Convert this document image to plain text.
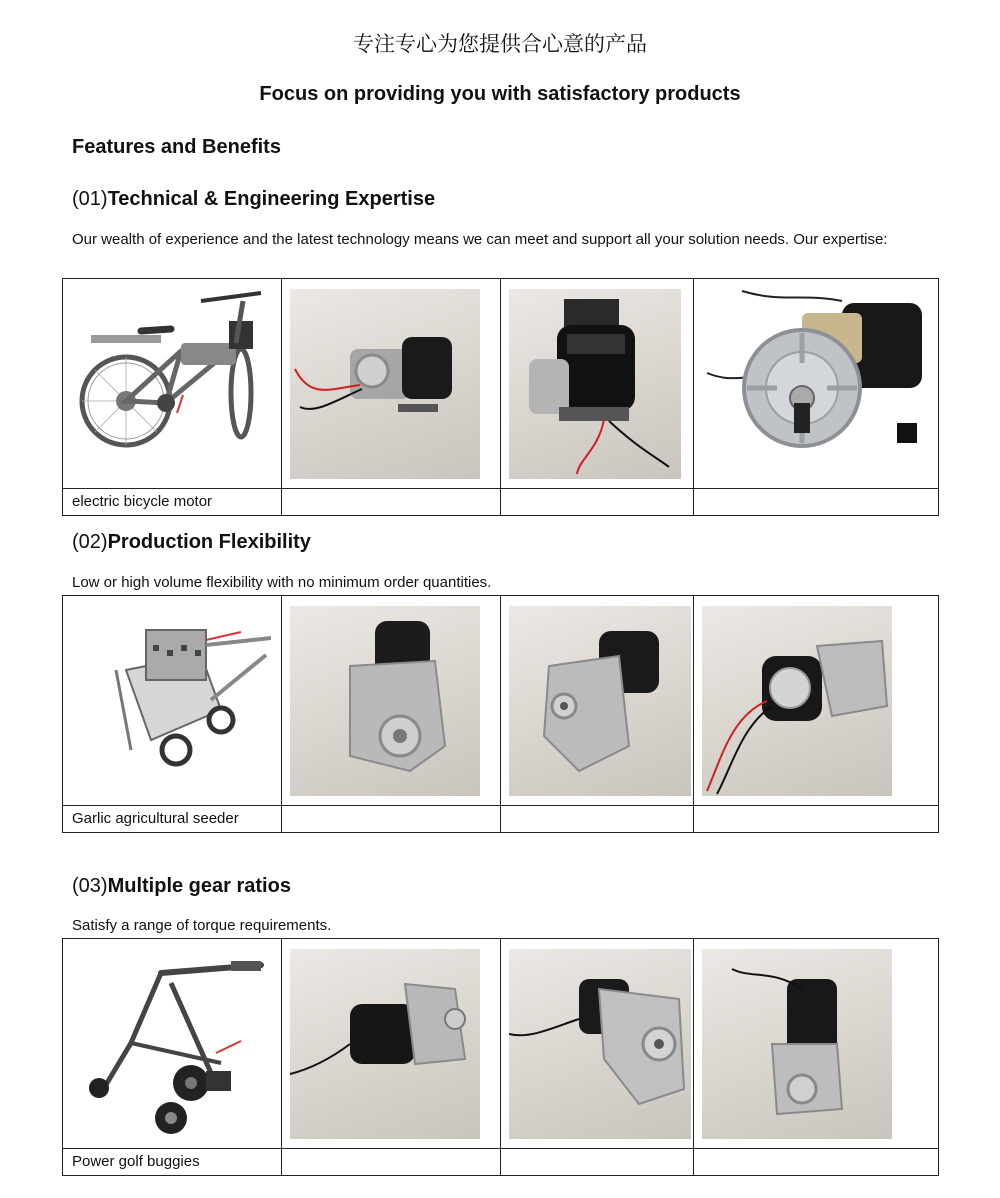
专注专心为您提供合心意的产品
Focus on providing you with satisfactory products
Features and Benefits
(01)Technical & Engineering Expertise
Our wealth of experience and the latest technology means we can meet and support all your solution needs. Our expertise:

electric bicycle motor			

(02)Production Flexibility
Low or high volume flexibility with no minimum order quantities.

Garlic agricultural seeder			

(03)Multiple gear ratios
Satisfy a range of torque requirements.

Power golf buggies			
